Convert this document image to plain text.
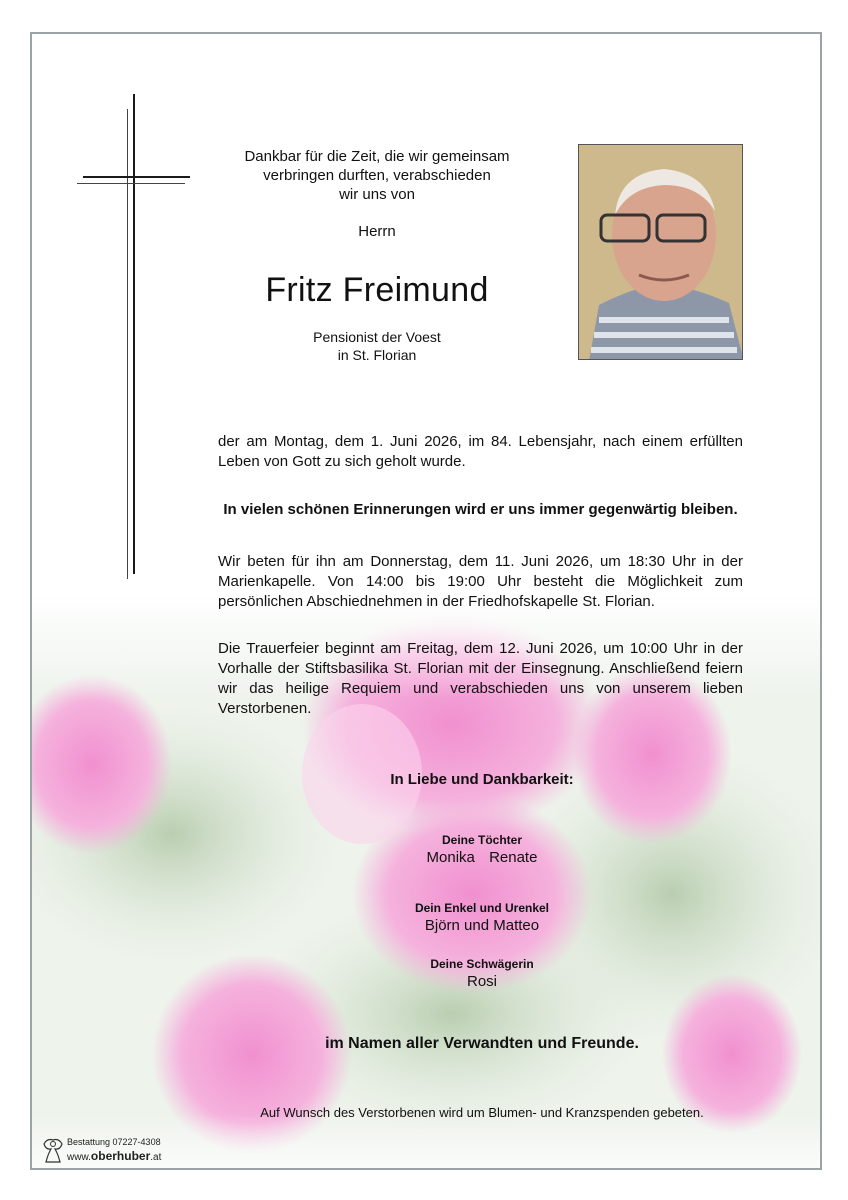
Dankbar für die Zeit, die wir gemeinsam
verbringen durften, verabschieden
wir uns von
Herrn
Fritz Freimund
Pensionist der Voest
in St. Florian
der am Montag, dem 1. Juni 2026, im 84. Lebensjahr, nach einem erfüllten Leben von Gott zu sich geholt wurde.
In vielen schönen Erinnerungen wird er uns immer gegenwärtig bleiben.
Wir beten für ihn am Donnerstag, dem 11. Juni 2026, um 18:30 Uhr in der Marienkapelle. Von 14:00 bis 19:00 Uhr besteht die Möglichkeit zum persönlichen Abschiednehmen in der Friedhofskapelle St. Florian.
Die Trauerfeier beginnt am Freitag, dem 12. Juni 2026, um 10:00 Uhr in der Vorhalle der Stiftsbasilika St. Florian mit der Einsegnung. Anschließend feiern wir das heilige Requiem und verabschieden uns von unserem lieben Verstorbenen.
In Liebe und Dankbarkeit:
Deine Töchter
Monika Renate
Dein Enkel und Urenkel
Björn und Matteo
Deine Schwägerin
Rosi
im Namen aller Verwandten und Freunde.
Auf Wunsch des Verstorbenen wird um Blumen- und Kranzspenden gebeten.
Bestattung 07227-4308
www.oberhuber.at
